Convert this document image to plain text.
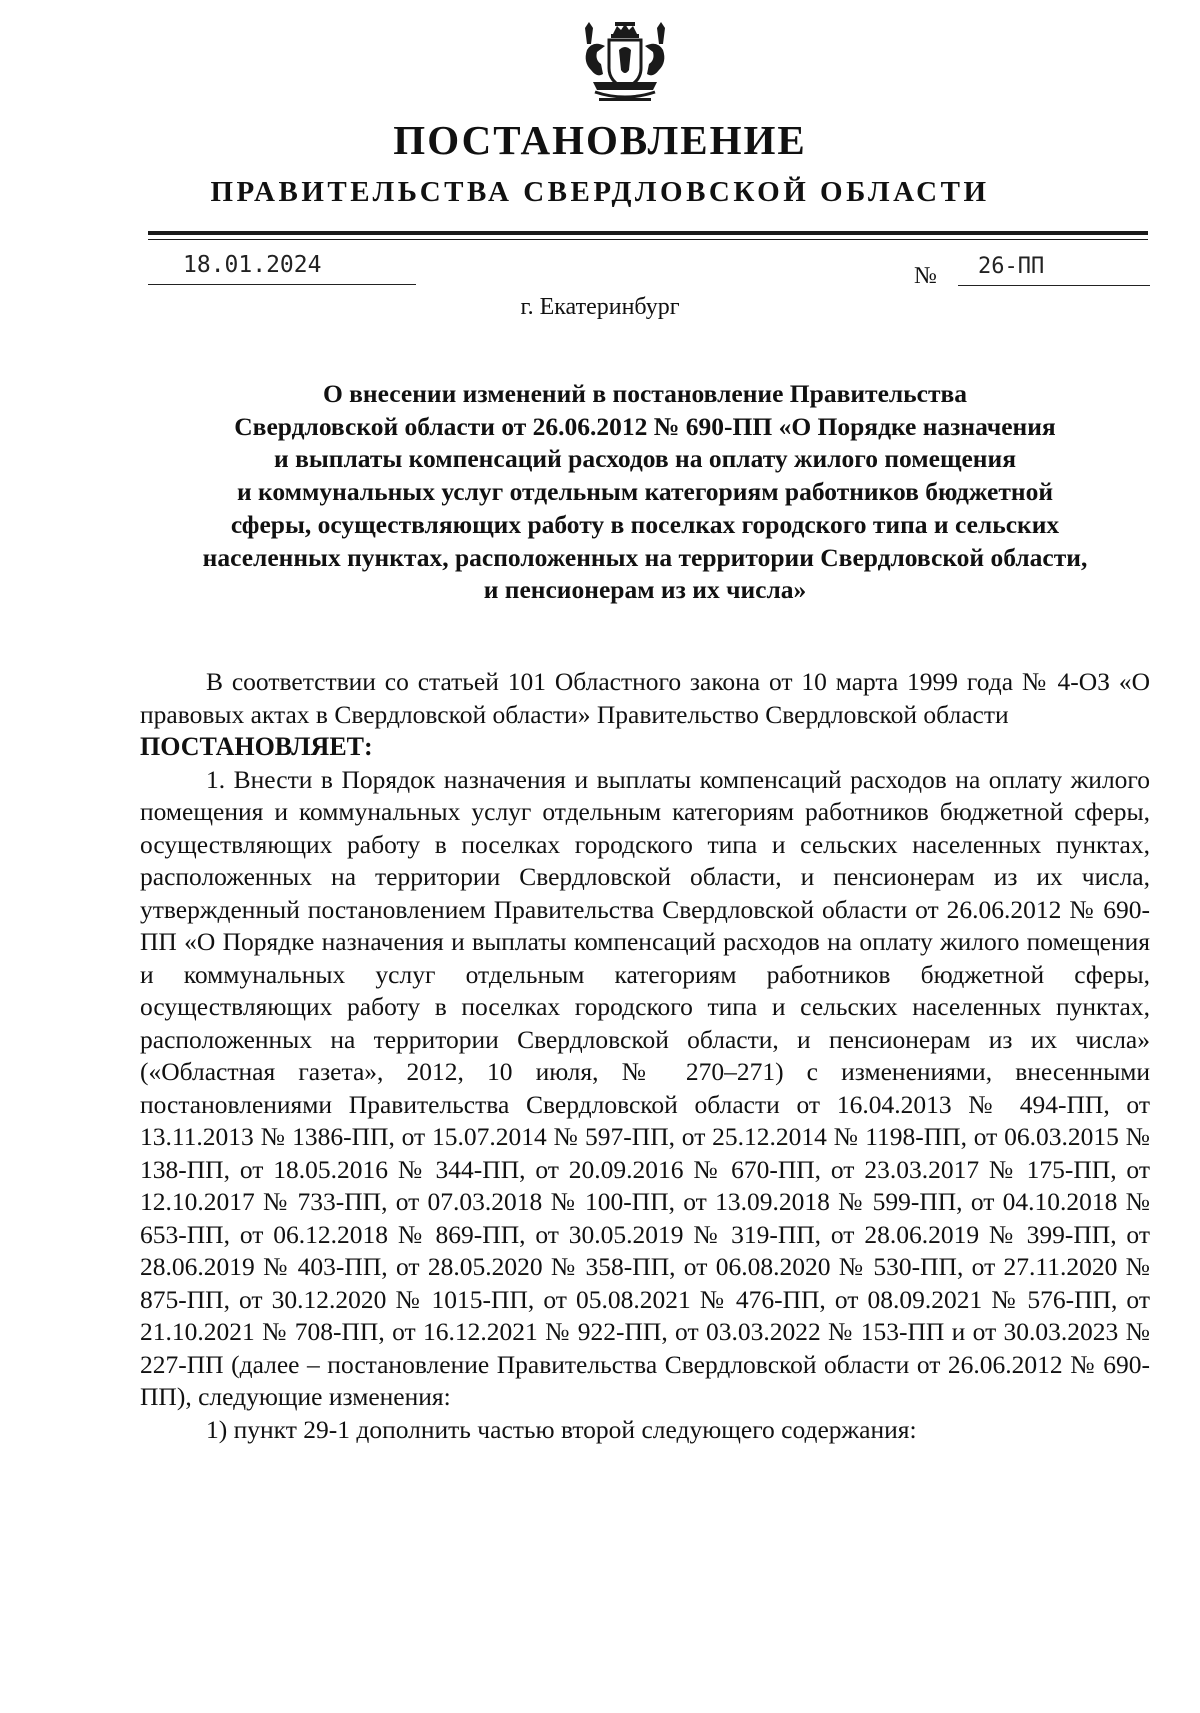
ПОСТАНОВЛЕНИЕ
ПРАВИТЕЛЬСТВА СВЕРДЛОВСКОЙ ОБЛАСТИ
18.01.2024	№ 26-ПП
г. Екатеринбург
О внесении изменений в постановление Правительства
Свердловской области от 26.06.2012 № 690-ПП «О Порядке назначения
и выплаты компенсаций расходов на оплату жилого помещения
и коммунальных услуг отдельным категориям работников бюджетной
сферы, осуществляющих работу в поселках городского типа и сельских
населенных пунктах, расположенных на территории Свердловской области,
и пенсионерам из их числа»

В соответствии со статьей 101 Областного закона от 10 марта 1999 года № 4-ОЗ «О правовых актах в Свердловской области» Правительство Свердловской области

ПОСТАНОВЛЯЕТ:

1. Внести в Порядок назначения и выплаты компенсаций расходов на оплату жилого помещения и коммунальных услуг отдельным категориям работников бюджетной сферы, осуществляющих работу в поселках городского типа и сельских населенных пунктах, расположенных на территории Свердловской области, и пенсионерам из их числа, утвержденный постановлением Правительства Свердловской области от 26.06.2012 № 690-ПП «О Порядке назначения и выплаты компенсаций расходов на оплату жилого помещения и коммунальных услуг отдельным категориям работников бюджетной сферы, осуществляющих работу в поселках городского типа и сельских населенных пунктах, расположенных на территории Свердловской области, и пенсионерам из их числа» («Областная газета», 2012, 10 июля, № 270–271) с изменениями, внесенными постановлениями Правительства Свердловской области от 16.04.2013 № 494-ПП, от 13.11.2013 № 1386-ПП, от 15.07.2014 № 597-ПП, от 25.12.2014 № 1198-ПП, от 06.03.2015 № 138-ПП, от 18.05.2016 № 344-ПП, от 20.09.2016 № 670-ПП, от 23.03.2017 № 175-ПП, от 12.10.2017 № 733-ПП, от 07.03.2018 № 100-ПП, от 13.09.2018 № 599-ПП, от 04.10.2018 № 653-ПП, от 06.12.2018 № 869-ПП, от 30.05.2019 № 319-ПП, от 28.06.2019 № 399-ПП, от 28.06.2019 № 403-ПП, от 28.05.2020 № 358-ПП, от 06.08.2020 № 530-ПП, от 27.11.2020 № 875-ПП, от 30.12.2020 № 1015-ПП, от 05.08.2021 № 476-ПП, от 08.09.2021 № 576-ПП, от 21.10.2021 № 708-ПП, от 16.12.2021 № 922-ПП, от 03.03.2022 № 153-ПП и от 30.03.2023 № 227-ПП (далее – постановление Правительства Свердловской области от 26.06.2012 № 690-ПП), следующие изменения:

1) пункт 29-1 дополнить частью второй следующего содержания:
